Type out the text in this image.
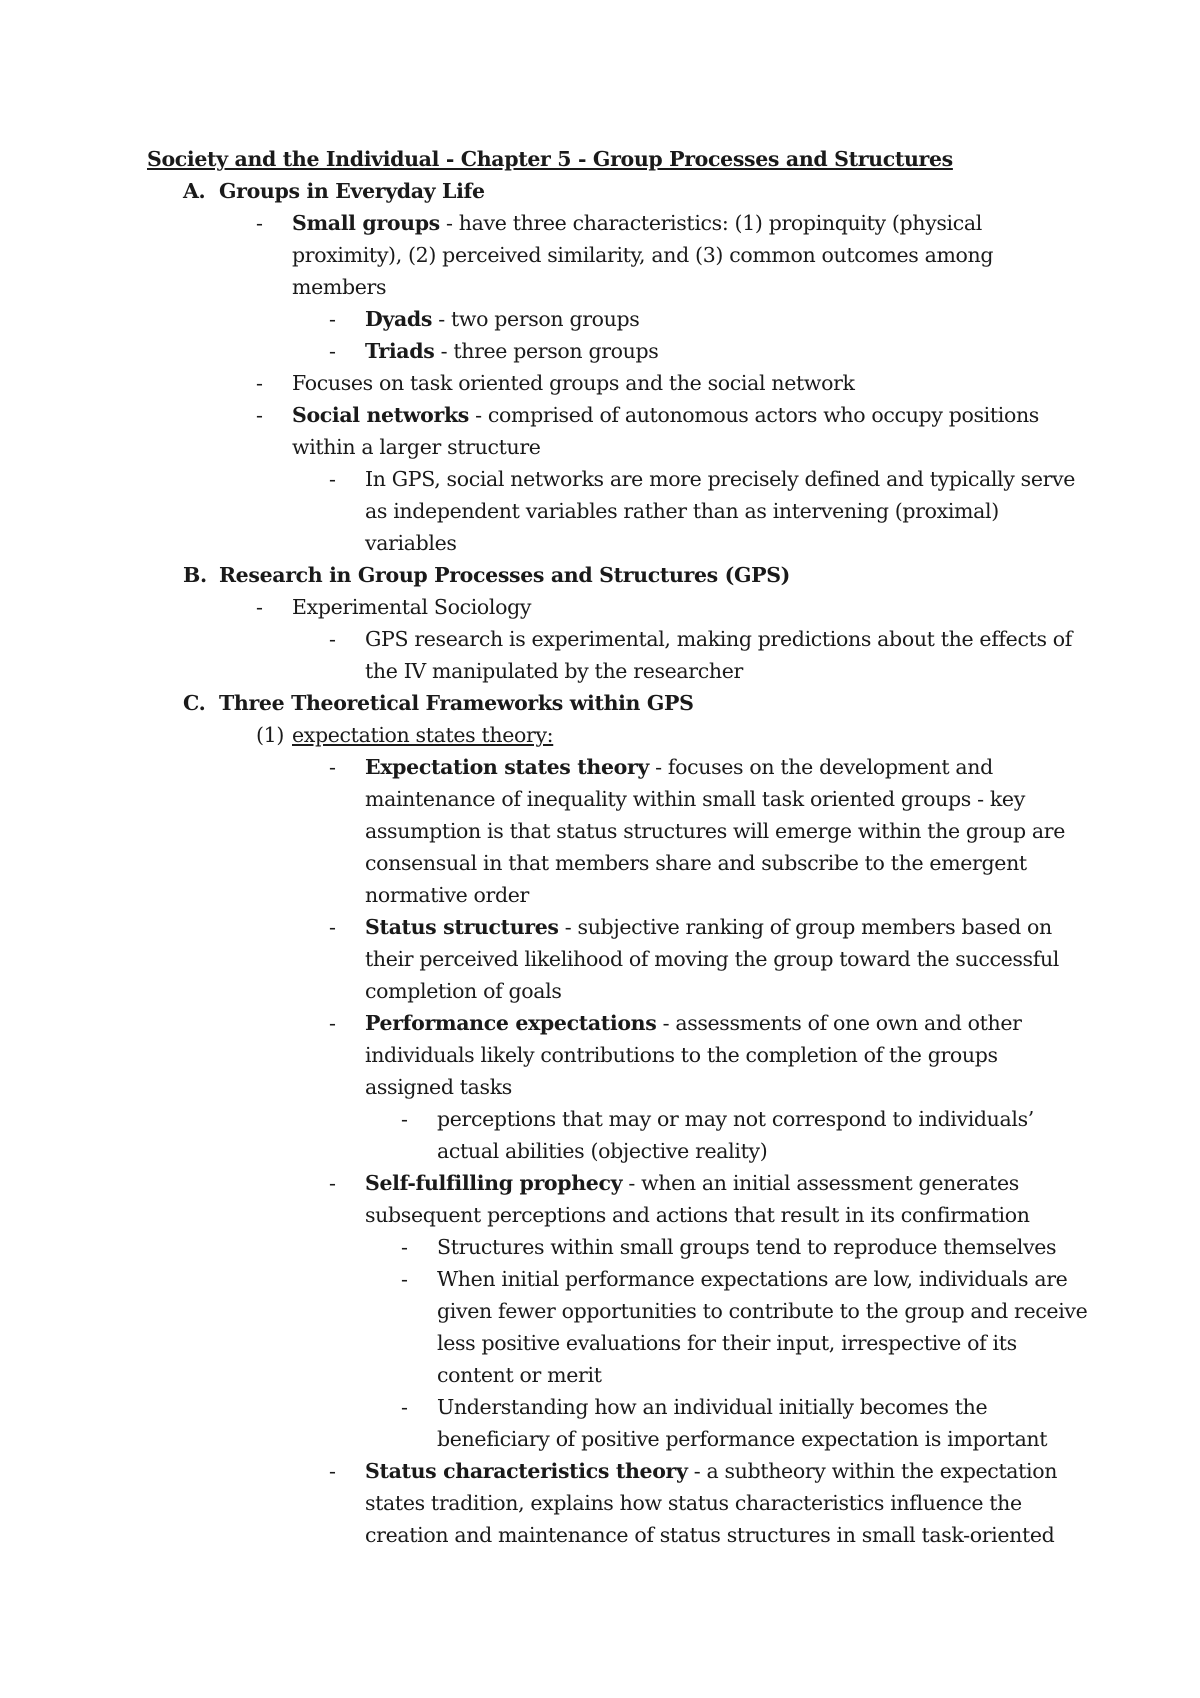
Society and the Individual - Chapter 5 - Group Processes and Structures
A. Groups in Everyday Life
- Small groups - have three characteristics: (1) propinquity (physical
proximity), (2) perceived similarity, and (3) common outcomes among
members
- Dyads - two person groups
- Triads - three person groups
- Focuses on task oriented groups and the social network
- Social networks - comprised of autonomous actors who occupy positions
within a larger structure
- In GPS, social networks are more precisely defined and typically serve
as independent variables rather than as intervening (proximal)
variables
B. Research in Group Processes and Structures (GPS)
- Experimental Sociology
- GPS research is experimental, making predictions about the effects of
the IV manipulated by the researcher
C. Three Theoretical Frameworks within GPS
(1) expectation states theory:
- Expectation states theory - focuses on the development and
maintenance of inequality within small task oriented groups - key
assumption is that status structures will emerge within the group are
consensual in that members share and subscribe to the emergent
normative order
- Status structures - subjective ranking of group members based on
their perceived likelihood of moving the group toward the successful
completion of goals
- Performance expectations - assessments of one own and other
individuals likely contributions to the completion of the groups
assigned tasks
- perceptions that may or may not correspond to individuals’
actual abilities (objective reality)
- Self-fulfilling prophecy - when an initial assessment generates
subsequent perceptions and actions that result in its confirmation
- Structures within small groups tend to reproduce themselves
- When initial performance expectations are low, individuals are
given fewer opportunities to contribute to the group and receive
less positive evaluations for their input, irrespective of its
content or merit
- Understanding how an individual initially becomes the
beneficiary of positive performance expectation is important
- Status characteristics theory - a subtheory within the expectation
states tradition, explains how status characteristics influence the
creation and maintenance of status structures in small task-oriented
